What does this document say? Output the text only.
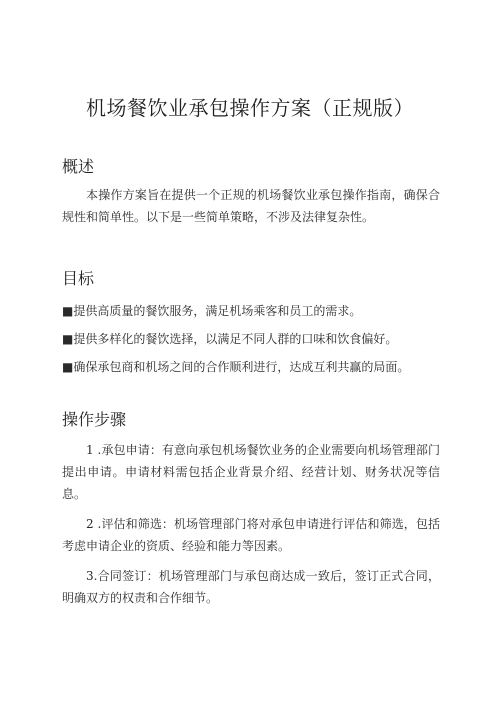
机场餐饮业承包操作方案（正规版）
概述

本操作方案旨在提供一个正规的机场餐饮业承包操作指南，确保合规性和简单性。以下是一些简单策略，不涉及法律复杂性。

目标

■提供高质量的餐饮服务，满足机场乘客和员工的需求。

■提供多样化的餐饮选择，以满足不同人群的口味和饮食偏好。

■确保承包商和机场之间的合作顺利进行，达成互利共赢的局面。

操作步骤

1 .承包申请：有意向承包机场餐饮业务的企业需要向机场管理部门提出申请。申请材料需包括企业背景介绍、经营计划、财务状况等信息。

2 .评估和筛选：机场管理部门将对承包申请进行评估和筛选，包括考虑申请企业的资质、经验和能力等因素。

3.合同签订：机场管理部门与承包商达成一致后，签订正式合同，明确双方的权责和合作细节。
